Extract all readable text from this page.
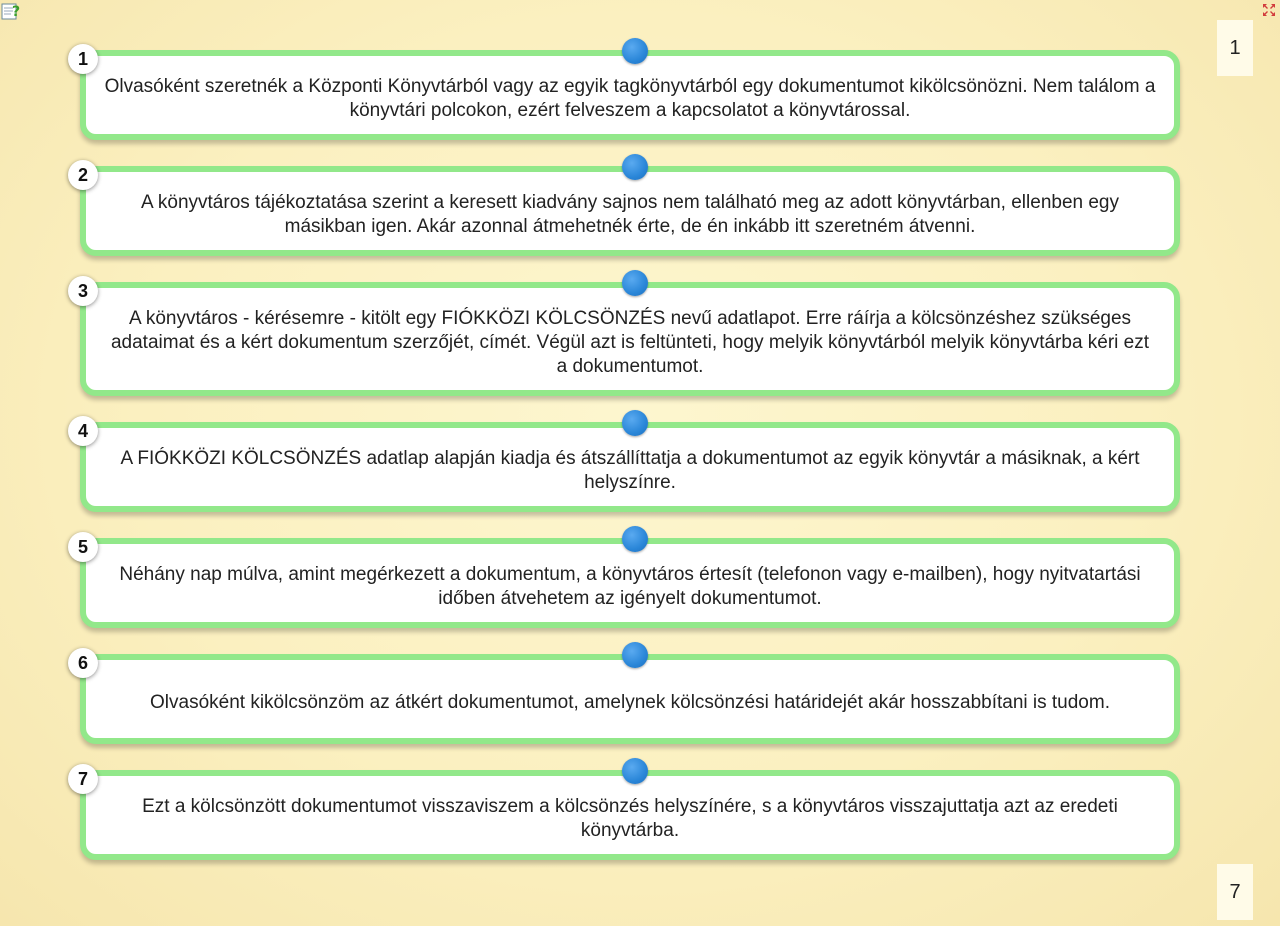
?
1
7
1
Olvasóként szeretnék a Központi Könyvtárból vagy az egyik tagkönyvtárból egy dokumentumot kikölcsönözni. Nem találom a könyvtári polcokon, ezért felveszem a kapcsolatot a könyvtárossal.
2
A könyvtáros tájékoztatása szerint a keresett kiadvány sajnos nem található meg az adott könyvtárban, ellenben egy másikban igen. Akár azonnal átmehetnék érte, de én inkább itt szeretném átvenni.
3
A könyvtáros - kérésemre - kitölt egy FIÓKKÖZI KÖLCSÖNZÉS nevű adatlapot. Erre ráírja a kölcsönzéshez szükséges adataimat és a kért dokumentum szerzőjét, címét. Végül azt is feltünteti, hogy melyik könyvtárból melyik könyvtárba kéri ezt a dokumentumot.
4
A FIÓKKÖZI KÖLCSÖNZÉS adatlap alapján kiadja és átszállíttatja a dokumentumot az egyik könyvtár a másiknak, a kért helyszínre.
5
Néhány nap múlva, amint megérkezett a dokumentum, a könyvtáros értesít (telefonon vagy e-mailben), hogy nyitvatartási időben átvehetem az igényelt dokumentumot.
6
Olvasóként kikölcsönzöm az átkért dokumentumot, amelynek kölcsönzési határidejét akár hosszabbítani is tudom.
7
Ezt a kölcsönzött dokumentumot visszaviszem a kölcsönzés helyszínére, s a könyvtáros visszajuttatja azt az eredeti könyvtárba.
